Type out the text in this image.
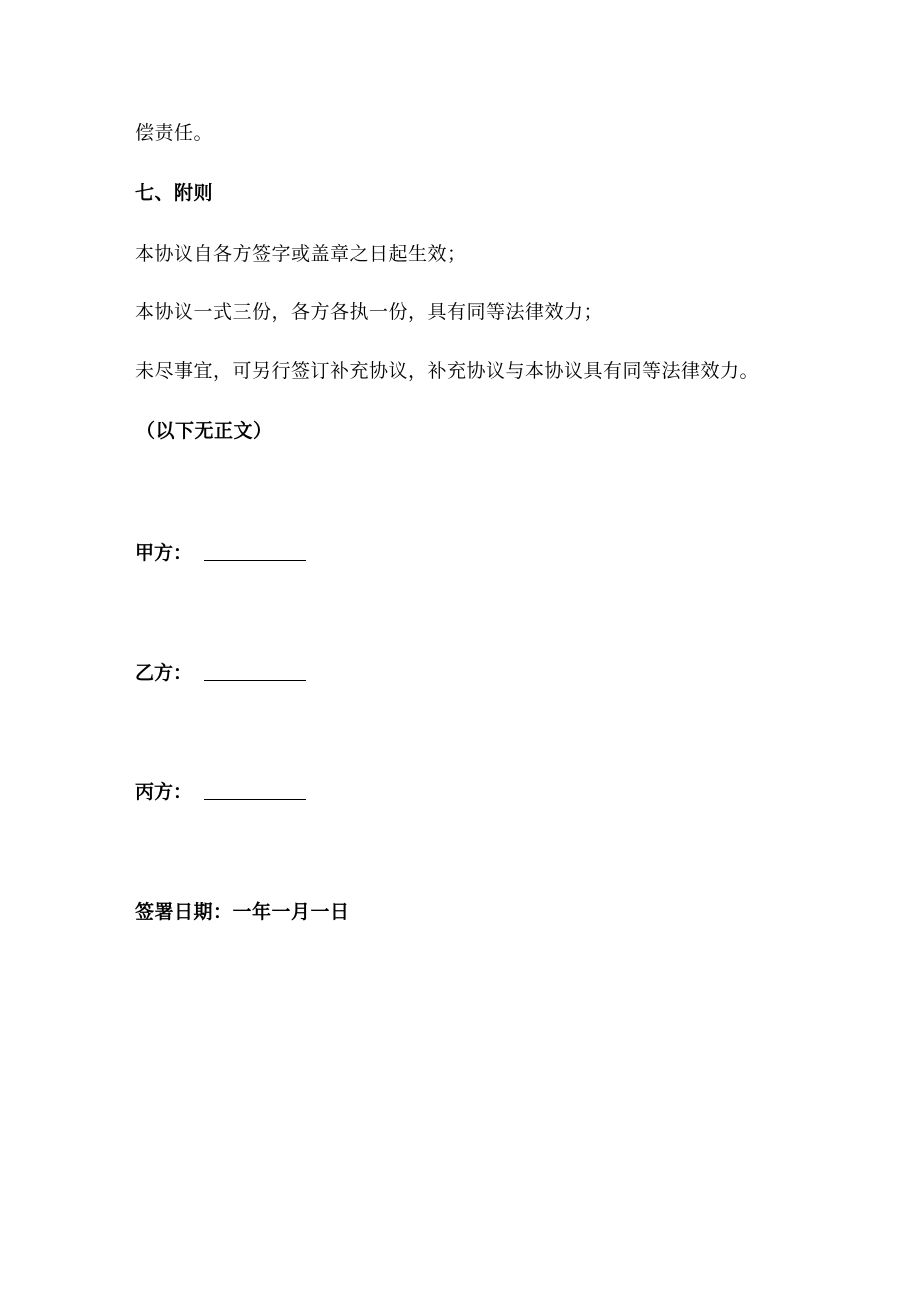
偿责任。
七、附则
本协议自各方签字或盖章之日起生效；
本协议一式三份，各方各执一份，具有同等法律效力；
未尽事宜，可另行签订补充协议，补充协议与本协议具有同等法律效力。
（以下无正文）
甲方：
乙方：
丙方：
签署日期：一年一月一日
